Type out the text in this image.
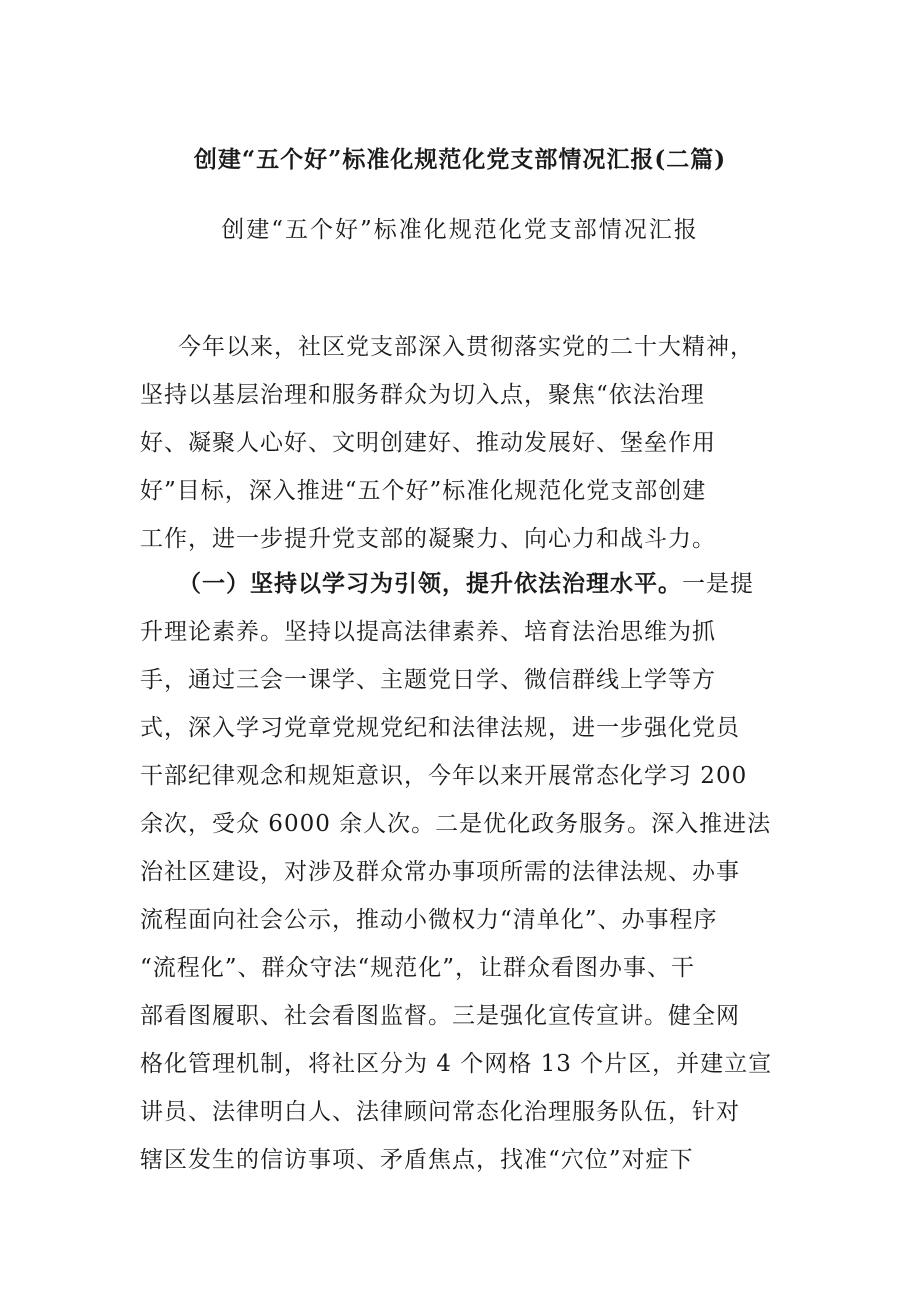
创建“五个好”标准化规范化党支部情况汇报(二篇)
创建“五个好”标准化规范化党支部情况汇报
今年以来，社区党支部深入贯彻落实党的二十大精神，
坚持以基层治理和服务群众为切入点，聚焦“依法治理
好、凝聚人心好、文明创建好、推动发展好、堡垒作用
好”目标，深入推进“五个好”标准化规范化党支部创建
工作，进一步提升党支部的凝聚力、向心力和战斗力。
（一）坚持以学习为引领，提升依法治理水平。一是提
升理论素养。坚持以提高法律素养、培育法治思维为抓
手，通过三会一课学、主题党日学、微信群线上学等方
式，深入学习党章党规党纪和法律法规，进一步强化党员
干部纪律观念和规矩意识，今年以来开展常态化学习 200
余次，受众 6000 余人次。二是优化政务服务。深入推进法
治社区建设，对涉及群众常办事项所需的法律法规、办事
流程面向社会公示，推动小微权力“清单化”、办事程序
“流程化”、群众守法“规范化”，让群众看图办事、干
部看图履职、社会看图监督。三是强化宣传宣讲。健全网
格化管理机制，将社区分为 4 个网格 13 个片区，并建立宣
讲员、法律明白人、法律顾问常态化治理服务队伍，针对
辖区发生的信访事项、矛盾焦点，找准“穴位”对症下
